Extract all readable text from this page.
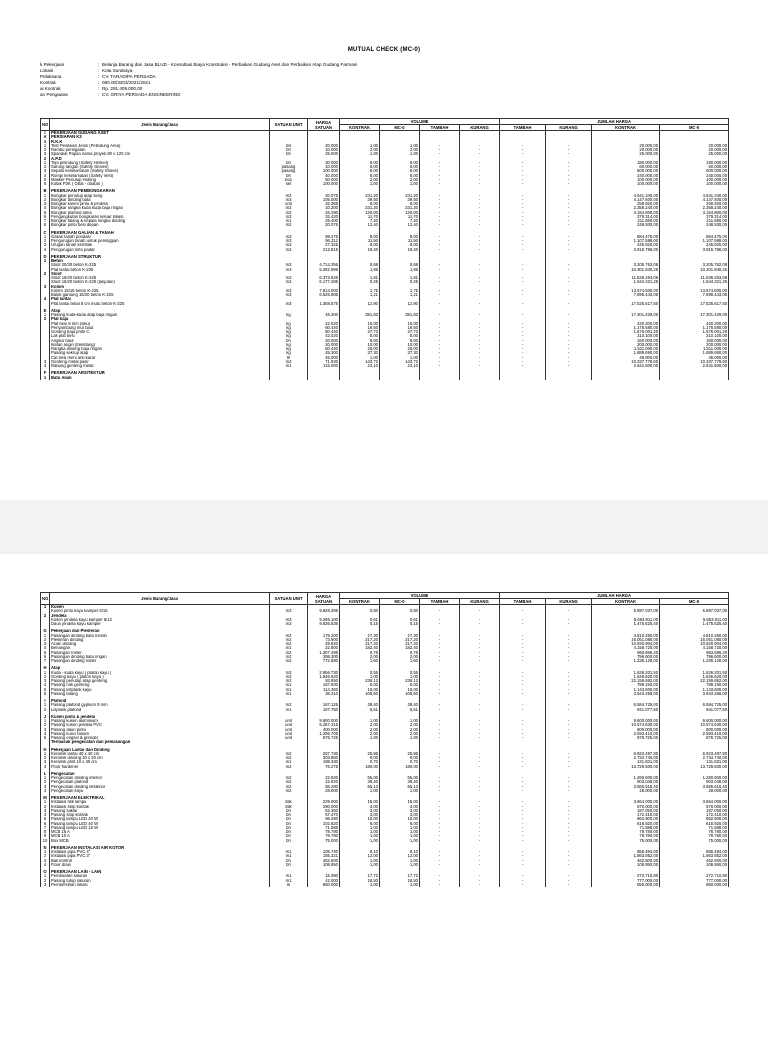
MUTUAL CHECK (MC-0)
k Pekerjaan	: Belanja Barang dan Jasa BLUD - Konsultasi Biaya Konstruksi - Perbaikan Gudang Aset dan Perbaikan Atap Gudang Farmasi
Lokasi	: Kota Surabaya
Pelaksana	: CV. TARADIPA PERSADA
Kontrak	: 080.00/3203/2021/2021
ai Kontrak	: Rp. 291.409.000,00
an Pengawas	: CV. GRIYA PERSADA ENGINEERING
NO	Jenis Barang/Jasa	SATUAN UNIT	HARGA SATUAN	VOLUME				JUMLAH HARGA			
				KONTRAK	MC-0	TAMBAH	KURANG	TAMBAH	KURANG	KONTRAK	MC-0
I	PEKERJAAN GUDANG ASET										
A	PERSIAPAN K3										
1	R.K.K										
1	Test Penilaian Jenis (Pelindung Area)	Ins	20.000	1,00	1,00	-	-	-	-	20.000,00	20.000,00
2	Rambu peringatan	bh	10.000	2,00	2,00	-	-	-	-	20.000,00	20.000,00
3	Spanduk Papan nama proyek 80 x 120 cm	bh	25.000	1,00	1,00	-	-	-	-	25.000,00	25.000,00
2	A.P.D										
1	Topi pelindung (Safety Helmet)	bh	30.000	6,00	6,00	-	-	-	-	180.000,00	180.000,00
2	Sarung tangan (Safety Gloves)	pasang	10.000	6,00	6,00	-	-	-	-	60.000,00	60.000,00
3	Sepatu keselamatan (Safety Shoes)	pasang	100.000	6,00	6,00	-	-	-	-	600.000,00	600.000,00
4	Rompi keselamatan (Safety Vest)	bh	40.000	6,00	6,00	-	-	-	-	240.000,00	240.000,00
5	Masker Penutup Hidung	box	50.000	2,00	2,00	-	-	-	-	100.000,00	100.000,00
6	Kotak P3K ( Obat - obatan )	set	100.000	1,00	1,00	-	-	-	-	100.000,00	100.000,00

B	PEKERJAAN PEMBONGKARAN										
1	Bongkar penutup atap seng	m2	20.075	231,20	231,20	-	-	-	-	4.641.340,00	4.641.340,00
2	Bongkar dinding bata	m3	105.000	39,50	39,50	-	-	-	-	4.147.500,00	4.147.500,00
3	Bongkar kusen pintu & jendela	unit	32.365	8,00	8,00	-	-	-	-	258.920,00	258.920,00
4	Bongkar rangka kuda kuda baja ringan	m2	10.200	231,20	231,20	-	-	-	-	2.358.240,00	2.358.240,00
5	Bongkar plafond lama	m2	26.290	120,00	120,00	-	-	-	-	3.154.800,00	3.154.800,00
6	Pengangkutan bongkaran keluar lokasi	m3	32.420	11,70	11,70	-	-	-	-	379.314,00	379.314,00
7	Bongkar talang & kepala rangka dinding	m1	29.400	7,20	7,20	-	-	-	-	211.680,00	211.680,00
8	Bongkar pintu besi depan	m2	20.075	12,40	12,40	-	-	-	-	248.930,00	248.930,00

C	PEKERJAAN GALIAN & TANAH										
1	Galian tanah pondasi	m3	98.275	9,00	9,00	-	-	-	-	884.475,00	884.475,00
2	Pengurugan tanah untuk peninggian	m3	96.312	11,50	11,50	-	-	-	-	1.107.588,00	1.107.588,00
3	Urugan tanah kembali	m3	27.325	9,00	9,00	-	-	-	-	245.925,00	245.925,00
4	Pengurugan sirtu padat	m3	212.815	18,40	18,40	-	-	-	-	3.915.796,00	3.915.796,00

D	PEKERJAAN STRUKTUR										
1	Beton										
	Sloof 20/30 beton K-225	m3	4.714.356	0,68	0,68	-	-	-	-	3.205.762,08	3.205.762,08
	Plat lantai beton K-225	m3	5.282.995	1,95	1,95	-	-	-	-	10.301.840,25	10.301.840,25
2	Sloof										
	Sloof 15/20 beton K-225	m3	6.373.626	1,81	1,81	-	-	-	-	11.536.263,06	11.536.263,06
	Sloof 15/20 beton K-225 (lanjutan)	m3	6.177.285	0,25	0,25	-	-	-	-	1.544.321,25	1.544.321,25
3	Kolom										
	Kolom 15/15 beton K-225	m3	7.814.000	1,75	1,75	-	-	-	-	13.674.500,00	13.674.500,00
	Balok gantung 15/20 beton K-225	m3	6.525.986	1,21	1,21	-	-	-	-	7.896.443,06	7.896.443,06
4	Plat lantai										
	Plat lantai tebal 8 cm mutu beton K-225	m3	1.358.575	12,90	12,90	-	-	-	-	17.525.617,50	17.525.617,50

E	Atap										
1	Pasang kuda-kuda atap baja ringan	kg	45.300	381,93	381,93	-	-	-	-	17.301.429,00	17.301.429,00
2	Plat baja										
	Plat besi 8 mm (siku)	kg	42.020	10,00	10,00	-	-	-	-	420.200,00	420.200,00
	Penyambung mur baut	kg	60.440	19,50	19,50	-	-	-	-	1.178.580,00	1.178.580,00
	Gording baja profil C	kg	60.440	27,73	27,73	-	-	-	-	1.676.001,20	1.676.001,20
	Las plat besi	kg	42.020	5,00	5,00	-	-	-	-	210.100,00	210.100,00
	Angkur baut	bh	20.000	8,00	8,00	-	-	-	-	160.000,00	160.000,00
	Ikatan angin (trekstang)	kg	20.000	10,00	10,00	-	-	-	-	200.000,00	200.000,00
	Rangka dinding baja ringan	kg	60.440	25,00	25,00	-	-	-	-	1.511.000,00	1.511.000,00
	Pasang sekrup atap	kg	45.300	37,30	37,30	-	-	-	-	1.689.690,00	1.689.690,00
	Cat besi meni anti karat	ltr	45.000	1,00	1,00	-	-	-	-	45.000,00	45.000,00
3	Genteng metal pasir	m2	71.930	143,72	143,72	-	-	-	-	10.337.779,60	10.337.779,60
4	Rabung genteng metal	m1	115.000	22,10	22,10	-	-	-	-	2.541.500,00	2.541.500,00

F	PEKERJAAN ARSITEKTUR										
1	Batu Alam										
NO	Jenis Barang/Jasa	SATUAN UNIT	HARGA SATUAN	VOLUME				JUMLAH HARGA			
				KONTRAK	MC-0	TAMBAH	KURANG	TAMBAH	KURANG	KONTRAK	MC-0
1	Kusen										
	Kusen pintu kayu kamper 6/15	m3	9.828.395	0,60	0,60	-	-	-	-	5.897.037,00	5.897.037,00
2	Jendela										
	Kusen jendela kayu kamper 6/12	m3	9.285.100	0,61	0,61	-	-	-	-	5.663.911,00	5.663.911,00
	Daun jendela kayu kamper	m3	9.836.836	0,15	0,15	-	-	-	-	1.475.525,40	1.475.525,40

G	Pekerjaan dan Plesteran										
1	Pasangan dinding bata merah	m2	176.200	27,30	27,30	-	-	-	-	4.810.260,00	4.810.260,00
2	Plesteran dinding	m2	73.900	217,20	217,20	-	-	-	-	16.051.080,00	16.051.080,00
3	Acian dinding	m2	49.820	217,20	217,20	-	-	-	-	10.820.904,00	10.820.904,00
4	Benangan	m1	22.800	182,40	182,40	-	-	-	-	4.158.720,00	4.158.720,00
5	Pasangan roster	m2	1.307.495	0,76	0,76	-	-	-	-	993.696,20	993.696,20
6	Pasangan dinding bata ringan	m2	398.300	2,00	2,00	-	-	-	-	796.600,00	796.600,00
7	Pasangan dinding roster	m2	772.580	1,60	1,60	-	-	-	-	1.236.128,00	1.236.128,00

H	Atap										
1	Kuda - kuda kayu ( plafon kayu )	m3	2.956.730	0,55	0,55	-	-	-	-	1.626.201,50	1.626.201,50
2	Gording kayu ( plafon kayu )	m3	1.846.620	1,00	1,00	-	-	-	-	1.846.620,00	1.846.620,00
3	Pasang penutup atap genteng	m2	93.850	236,12	236,12	-	-	-	-	22.159.862,00	22.159.862,00
4	Pasang nok genteng	m1	157.830	5,00	5,00	-	-	-	-	789.150,00	789.150,00
5	Pasang listplank kayu	m1	114.360	10,00	10,00	-	-	-	-	1.143.600,00	1.143.600,00
6	Pasang talang	m1	36.310	108,60	108,60	-	-	-	-	3.943.266,00	3.943.266,00

I	Plafond										
1	Pasang plafond gypsum 9 mm	m2	167.125	39,40	39,40	-	-	-	-	6.584.725,00	6.584.725,00
2	Lisplank plafond	m1	167.750	5,61	5,61	-	-	-	-	941.077,50	941.077,50

J	Kusen pintu & jendela										
1	Pasang kusen aluminium	unit	9.600.000	1,00	1,00	-	-	-	-	9.600.000,00	9.600.000,00
2	Pasang kusen jendela PVC	unit	5.287.315	2,00	2,00	-	-	-	-	10.574.630,00	10.574.630,00
3	Pasang daun pintu	unit	400.000	2,00	2,00	-	-	-	-	800.000,00	800.000,00
4	Pasang kunci tanam	unit	1.296.705	2,00	2,00	-	-	-	-	2.593.410,00	2.593.410,00
5	Pasang engsel & grendel	unit	876.725	1,00	1,00	-	-	-	-	876.725,00	876.725,00
	Termasuk pengecatan dan pemasangan										

K	Pekerjaan Lantai dan Dinding										
1	Keramik lantai 40 x 40 cm	m2	267.730	25,86	25,86	-	-	-	-	6.923.497,80	6.923.497,80
2	Keramik dinding 20 x 20 cm	m2	303.860	9,00	9,00	-	-	-	-	2.734.740,00	2.734.740,00
3	Keramik plint 10 x 40 cm	m1	188.330	0,70	0,70	-	-	-	-	131.831,00	131.831,00
4	Floor hardener	m2	76.275	180,00	180,00	-	-	-	-	13.729.500,00	13.729.500,00

L	Pengecatan										
1	Pengecatan dinding interior	m2	22.920	55,00	55,00	-	-	-	-	1.260.600,00	1.260.600,00
2	Pengecatan plafond	m2	22.920	39,40	39,40	-	-	-	-	903.048,00	903.048,00
3	Pengecatan dinding eksterior	m2	56.280	65,13	65,13	-	-	-	-	3.665.516,40	3.665.516,40
4	Pengecatan kayu	m2	28.000	1,00	1,00	-	-	-	-	28.000,00	28.000,00

M	PEKERJAAN ELEKTRIKAL										
1	Instalasi titik lampu	titik	229.000	16,00	16,00	-	-	-	-	3.664.000,00	3.664.000,00
2	Instalasi stop kontak	titik	290.000	3,00	3,00	-	-	-	-	870.000,00	870.000,00
3	Pasang saklar	bh	62.350	3,00	3,00	-	-	-	-	187.050,00	187.050,00
4	Pasang stop kontak	bh	57.470	3,00	3,00	-	-	-	-	172.410,00	172.410,00
5	Pasang lampu LED 20 W	bh	96.290	10,00	10,00	-	-	-	-	962.900,00	962.900,00
6	Pasang lampu LED 40 W	bh	102.820	6,00	6,00	-	-	-	-	616.920,00	616.920,00
7	Pasang lampu LED 15 W	bh	71.588	1,00	1,00	-	-	-	-	71.588,00	71.588,00
8	MCB 16 A	bh	78.780	1,00	1,00	-	-	-	-	78.780,00	78.780,00
9	MCB 10 A	bh	78.780	1,00	1,00	-	-	-	-	78.780,00	78.780,00
10	Box MCB	bh	75.000	1,00	1,00	-	-	-	-	75.000,00	75.000,00

N	PEKERJAAN INSTALASI AIR KOTOR										
1	Instalasi pipa PVC 4"	m1	105.740	8,10	8,10	-	-	-	-	856.494,00	856.494,00
2	Instalasi pipa PVC 3"	m1	155.321	12,00	12,00	-	-	-	-	1.863.852,00	1.863.852,00
3	Bak kontrol	bh	462.500	1,00	1,00	-	-	-	-	462.500,00	462.500,00
4	Floor drain	bh	108.950	1,00	1,00	-	-	-	-	108.950,00	108.950,00

O	PEKERJAAN LAIN - LAIN										
1	Pembuatan saluran	m1	15.390	17,72	17,72	-	-	-	-	272.710,80	272.710,80
2	Pasang tutup saluran	m1	42.000	18,50	18,50	-	-	-	-	777.000,00	777.000,00
3	Pembersihan lokasi	ls	850.000	1,00	1,00	-	-	-	-	850.000,00	850.000,00
